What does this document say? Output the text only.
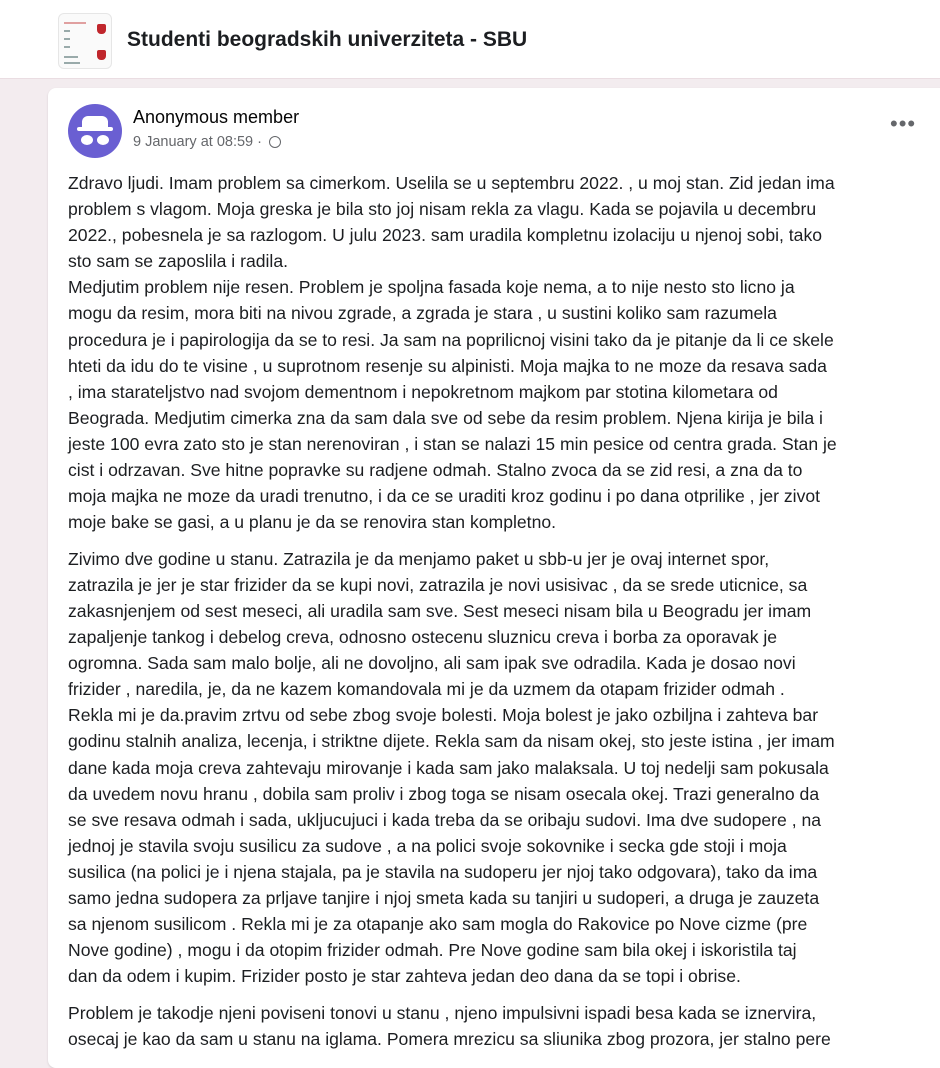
Studenti beogradskih univerziteta - SBU
Anonymous member
9 January at 08:59 ·
•••
Zdravo ljudi. Imam problem sa cimerkom. Uselila se u septembru 2022. , u moj stan. Zid jedan ima
problem s vlagom. Moja greska je bila sto joj nisam rekla za vlagu. Kada se pojavila u decembru
2022., pobesnela je sa razlogom. U julu 2023. sam uradila kompletnu izolaciju u njenoj sobi, tako
sto sam se zaposlila i radila.
Medjutim problem nije resen. Problem je spoljna fasada koje nema, a to nije nesto sto licno ja
mogu da resim, mora biti na nivou zgrade, a zgrada je stara , u sustini koliko sam razumela
procedura je i papirologija da se to resi. Ja sam na poprilicnoj visini tako da je pitanje da li ce skele
hteti da idu do te visine , u suprotnom resenje su alpinisti. Moja majka to ne moze da resava sada
, ima starateljstvo nad svojom dementnom i nepokretnom majkom par stotina kilometara od
Beograda. Medjutim cimerka zna da sam dala sve od sebe da resim problem. Njena kirija je bila i
jeste 100 evra zato sto je stan nerenoviran , i stan se nalazi 15 min pesice od centra grada. Stan je
cist i odrzavan. Sve hitne popravke su radjene odmah. Stalno zvoca da se zid resi, a zna da to
moja majka ne moze da uradi trenutno, i da ce se uraditi kroz godinu i po dana otprilike , jer zivot
moje bake se gasi, a u planu je da se renovira stan kompletno.
Zivimo dve godine u stanu. Zatrazila je da menjamo paket u sbb-u jer je ovaj internet spor,
zatrazila je jer je star frizider da se kupi novi, zatrazila je novi usisivac , da se srede uticnice, sa
zakasnjenjem od sest meseci, ali uradila sam sve. Sest meseci nisam bila u Beogradu jer imam
zapaljenje tankog i debelog creva, odnosno ostecenu sluznicu creva i borba za oporavak je
ogromna. Sada sam malo bolje, ali ne dovoljno, ali sam ipak sve odradila. Kada je dosao novi
frizider , naredila, je, da ne kazem komandovala mi je da uzmem da otapam frizider odmah .
Rekla mi je da.pravim zrtvu od sebe zbog svoje bolesti. Moja bolest je jako ozbiljna i zahteva bar
godinu stalnih analiza, lecenja, i striktne dijete. Rekla sam da nisam okej, sto jeste istina , jer imam
dane kada moja creva zahtevaju mirovanje i kada sam jako malaksala. U toj nedelji sam pokusala
da uvedem novu hranu , dobila sam proliv i zbog toga se nisam osecala okej. Trazi generalno da
se sve resava odmah i sada, ukljucujuci i kada treba da se oribaju sudovi. Ima dve sudopere , na
jednoj je stavila svoju susilicu za sudove , a na polici svoje sokovnike i secka gde stoji i moja
susilica (na polici je i njena stajala, pa je stavila na sudoperu jer njoj tako odgovara), tako da ima
samo jedna sudopera za prljave tanjire i njoj smeta kada su tanjiri u sudoperi, a druga je zauzeta
sa njenom susilicom . Rekla mi je za otapanje ako sam mogla do Rakovice po Nove cizme (pre
Nove godine) , mogu i da otopim frizider odmah. Pre Nove godine sam bila okej i iskoristila taj
dan da odem i kupim. Frizider posto je star zahteva jedan deo dana da se topi i obrise.
Problem je takodje njeni poviseni tonovi u stanu , njeno impulsivni ispadi besa kada se iznervira,
osecaj je kao da sam u stanu na iglama. Pomera mrezicu sa sliunika zbog prozora, jer stalno pere
